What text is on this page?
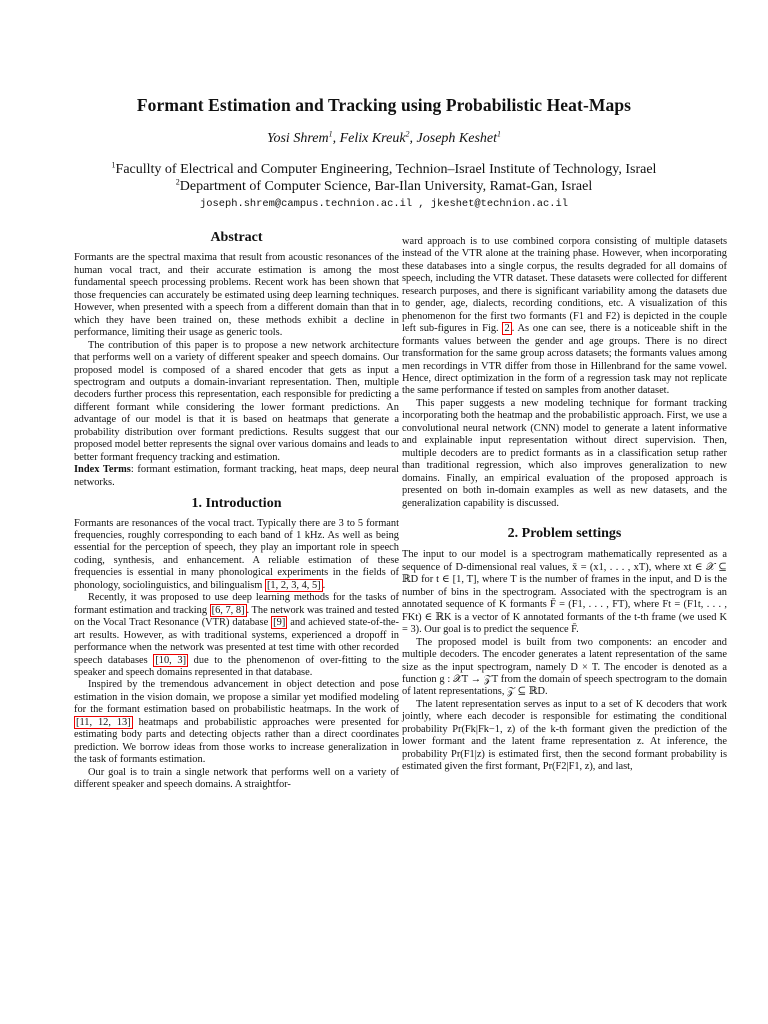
Formant Estimation and Tracking using Probabilistic Heat-Maps
Yosi Shrem$^1$, Felix Kreuk$^2$, Joseph Keshet$^1$
$^1$Facullty of Electrical and Computer Engineering, Technion–Israel Institute of Technology, Israel
$^2$Department of Computer Science, Bar-Ilan University, Ramat-Gan, Israel
joseph.shrem@campus.technion.ac.il , jkeshet@technion.ac.il
Abstract

Formants are the spectral maxima that result from acoustic resonances of the human vocal tract, and their accurate estimation is among the most fundamental speech processing problems. Recent work has been shown that those frequencies can accurately be estimated using deep learning techniques. However, when presented with a speech from a different domain than that in which they have been trained on, these methods exhibit a decline in performance, limiting their usage as generic tools.

The contribution of this paper is to propose a new network architecture that performs well on a variety of different speaker and speech domains. Our proposed model is composed of a shared encoder that gets as input a spectrogram and outputs a domain-invariant representation. Then, multiple decoders further process this representation, each responsible for predicting a different formant while considering the lower formant predictions. An advantage of our model is that it is based on heatmaps that generate a probability distribution over formant predictions. Results suggest that our proposed model better represents the signal over various domains and leads to better formant frequency tracking and estimation.

Index Terms: formant estimation, formant tracking, heat maps, deep neural networks.

1. Introduction

Formants are resonances of the vocal tract. Typically there are 3 to 5 formant frequencies, roughly corresponding to each band of 1 kHz. As well as being essential for the perception of speech, they play an important role in speech coding, synthesis, and enhancement. A reliable estimation of these frequencies is essential in many phonological experiments in the fields of phonology, sociolinguistics, and bilingualism [1, 2, 3, 4, 5] .

Recently, it was proposed to use deep learning methods for the tasks of formant estimation and tracking [6, 7, 8] . The network was trained and tested on the Vocal Tract Resonance (VTR) database [9] and achieved state-of-the-art results. However, as with traditional systems, experienced a dropoff in performance when the network was presented at test time with other recorded speech databases [10, 3] due to the phenomenon of over-fitting to the speaker and speech domains represented in that database.

Inspired by the tremendous advancement in object detection and pose estimation in the vision domain, we propose a similar yet modified modeling for the formant estimation based on probabilistic heatmaps. In the work of [11, 12, 13] heatmaps and probabilistic approaches were presented for estimating body parts and detecting objects rather than a direct coordinates prediction. We borrow ideas from those works to increase generalization in the task of formants estimation.

Our goal is to train a single network that performs well on a variety of different speaker and speech domains. A straightfor-

ward approach is to use combined corpora consisting of multiple datasets instead of the VTR alone at the training phase. However, when incorporating these databases into a single corpus, the results degraded for all domains of speech, including the VTR dataset. These datasets were collected for different research purposes, and there is significant variability among the datasets due to gender, age, dialects, recording conditions, etc. A visualization of this phenomenon for the first two formants (F1 and F2) is depicted in the couple left sub-figures in Fig. 2 . As one can see, there is a noticeable shift in the formants values between the gender and age groups. There is no direct transformation for the same group across datasets; the formants values among men recordings in VTR differ from those in Hillenbrand for the same vowel. Hence, direct optimization in the form of a regression task may not replicate the same performance if tested on samples from another dataset.

This paper suggests a new modeling technique for formant tracking incorporating both the heatmap and the probabilistic approach. First, we use a convolutional neural network (CNN) model to generate a latent informative and explainable input representation without direct supervision. Then, multiple decoders are to predict formants as in a classification setup rather than traditional regression, which also improves generalization to new domains. Finally, an empirical evaluation of the proposed approach is presented on both in-domain examples as well as new datasets, and the generalization capability is discussed.

2. Problem settings

The input to our model is a spectrogram mathematically represented as a sequence of D-dimensional real values, x̄ = (x1, . . . , xT), where xt ∈ 𝒳 ⊆ ℝD for t ∈ [1, T], where T is the number of frames in the input, and D is the number of bins in the spectrogram. Associated with the spectrogram is an annotated sequence of K formants F̄ = (F1, . . . , FT), where Ft = (F1t, . . . , FKt) ∈ ℝK is a vector of K annotated formants of the t-th frame (we used K = 3). Our goal is to predict the sequence F̄.

The proposed model is built from two components: an encoder and multiple decoders. The encoder generates a latent representation of the same size as the input spectrogram, namely D × T. The encoder is denoted as a function g : 𝒳T → 𝒵T from the domain of speech spectrogram to the domain of latent representations, 𝒵 ⊆ ℝD.

The latent representation serves as input to a set of K decoders that work jointly, where each decoder is responsible for estimating the conditional probability Pr(Fk|Fk−1, z) of the k-th formant given the prediction of the lower formant and the latent frame representation z. At inference, the probability Pr(F1|z) is estimated first, then the second formant probability is estimated given the first formant, Pr(F2|F1, z), and last,
